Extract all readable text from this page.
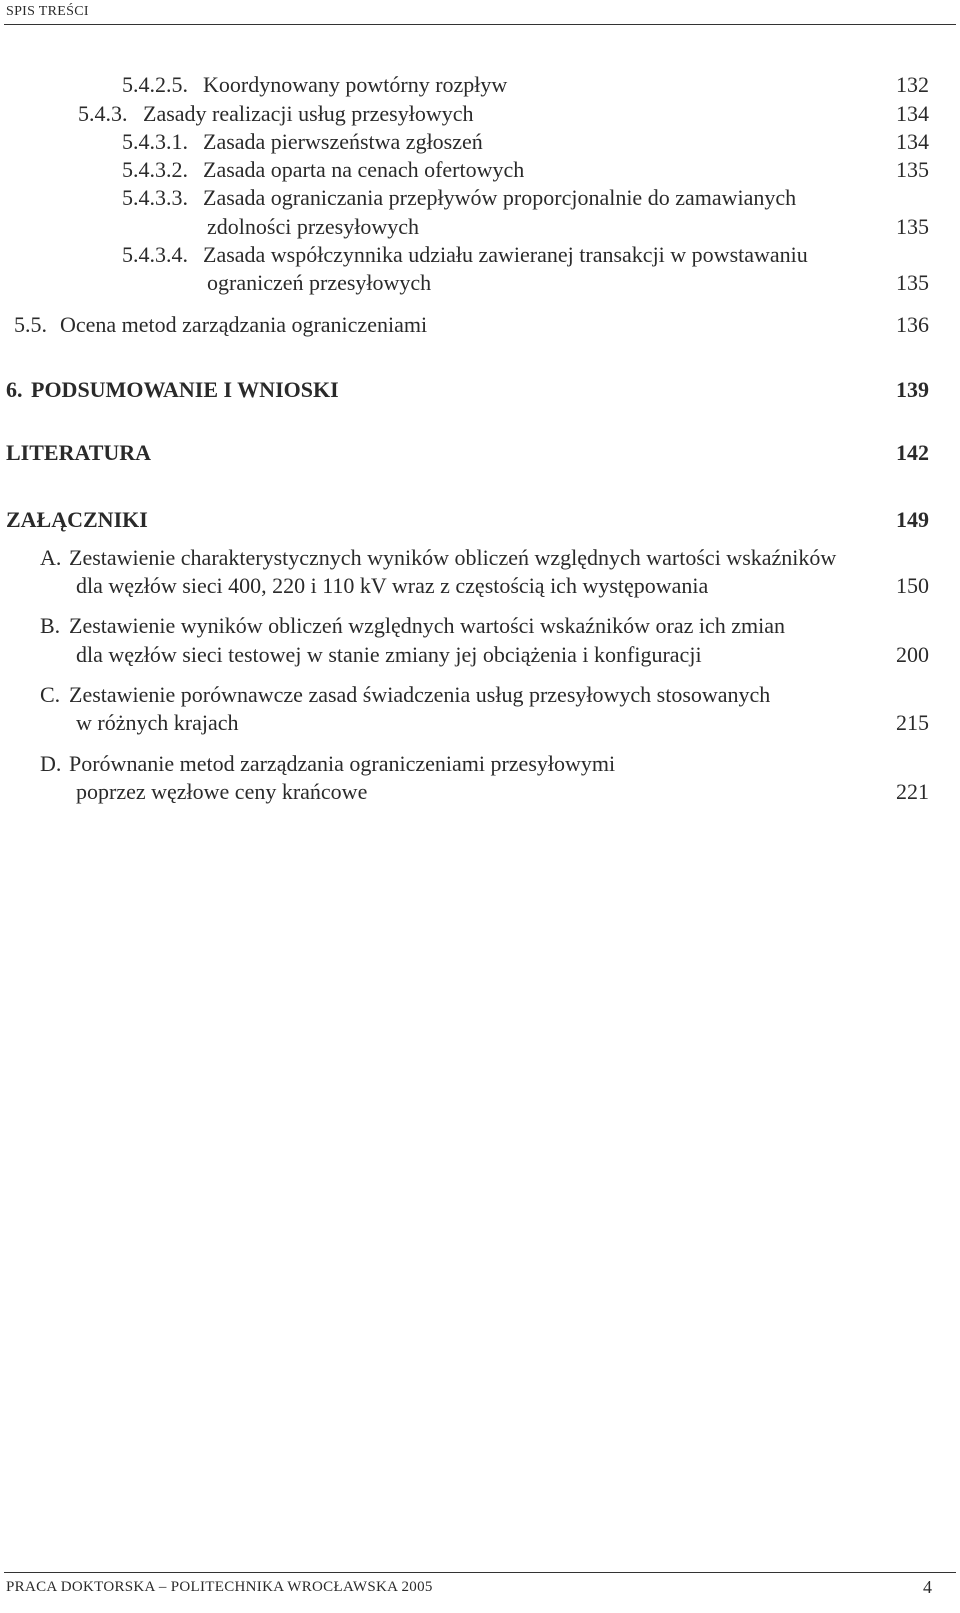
SPIS TREŚCI
5.4.2.5. Koordynowany powtórny rozpływ	132
5.4.3. Zasady realizacji usług przesyłowych	134
5.4.3.1. Zasada pierwszeństwa zgłoszeń	134
5.4.3.2. Zasada oparta na cenach ofertowych	135
5.4.3.3. Zasada ograniczania przepływów proporcjonalnie do zamawianych
zdolności przesyłowych	135
5.4.3.4. Zasada współczynnika udziału zawieranej transakcji w powstawaniu
ograniczeń przesyłowych	135
5.5. Ocena metod zarządzania ograniczeniami	136
6. PODSUMOWANIE I WNIOSKI	139
LITERATURA	142
ZAŁĄCZNIKI	149
A. Zestawienie charakterystycznych wyników obliczeń względnych wartości wskaźników
dla węzłów sieci 400, 220 i 110 kV wraz z częstością ich występowania	150
B. Zestawienie wyników obliczeń względnych wartości wskaźników oraz ich zmian
dla węzłów sieci testowej w stanie zmiany jej obciążenia i konfiguracji	200
C. Zestawienie porównawcze zasad świadczenia usług przesyłowych stosowanych
w różnych krajach	215
D. Porównanie metod zarządzania ograniczeniami przesyłowymi
poprzez węzłowe ceny krańcowe	221
PRACA DOKTORSKA – POLITECHNIKA WROCŁAWSKA 2005	4
